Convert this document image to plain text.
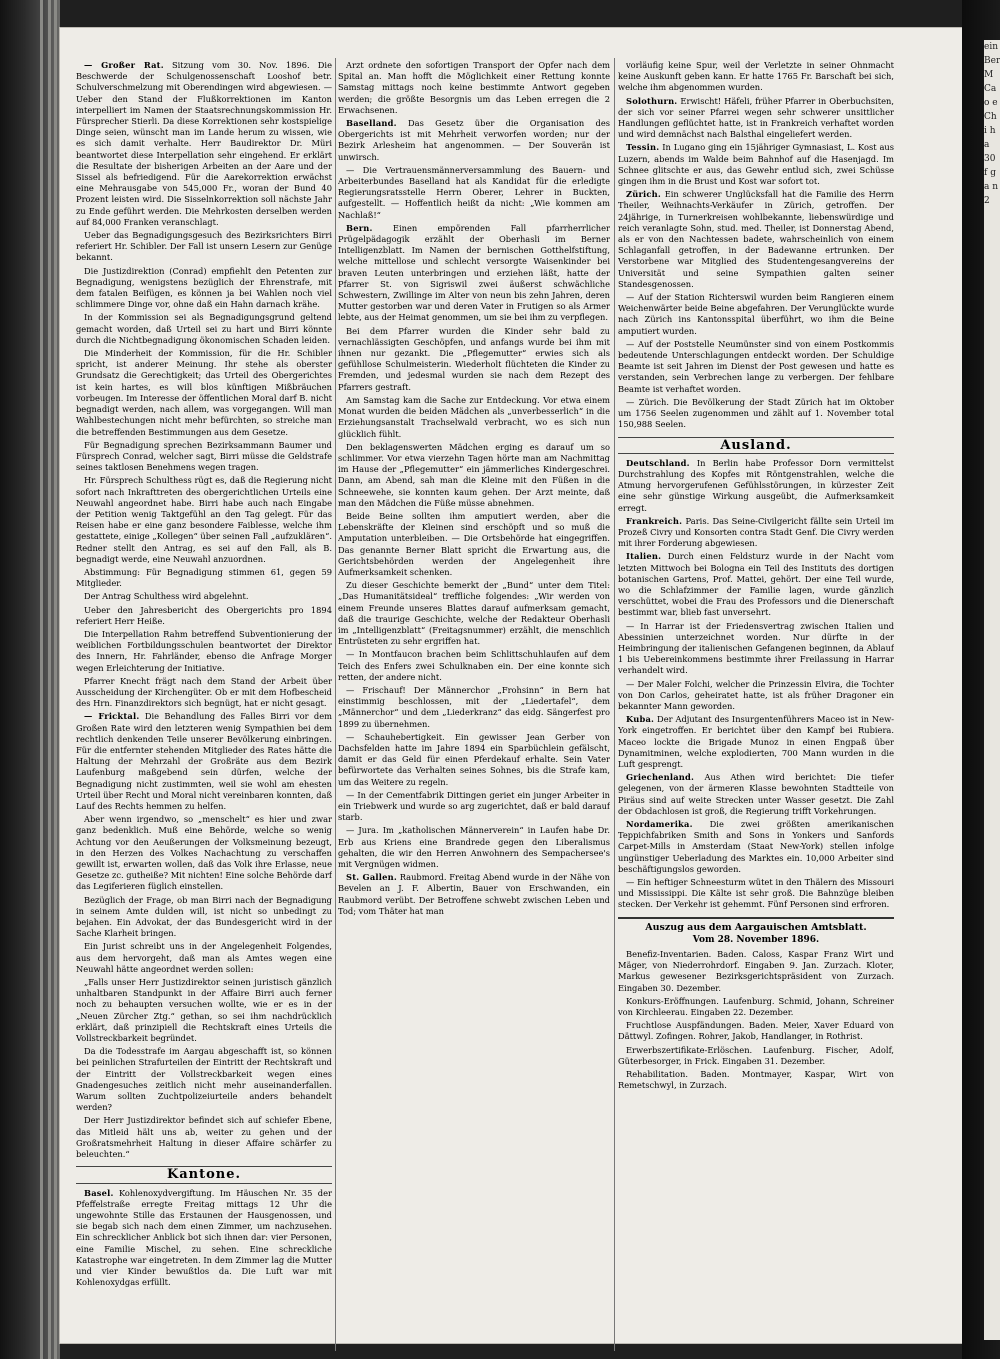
— Großer Rat. Sitzung vom 30. Nov. 1896. Die Beschwerde der Schulgenossenschaft Looshof betr. Schulverschmelzung mit Oberendingen wird abgewiesen. — Ueber den Stand der Flußkorrektionen im Kanton interpelliert im Namen der Staatsrechnungskommission Hr. Fürsprecher Stierli. Da diese Korrektionen sehr kostspielige Dinge seien, wünscht man im Lande herum zu wissen, wie es sich damit verhalte. Herr Baudirektor Dr. Müri beantwortet diese Interpellation sehr eingehend. Er erklärt die Resultate der bisherigen Arbeiten an der Aare und der Sissel als befriedigend. Für die Aarekorrektion erwächst eine Mehrausgabe von 545,000 Fr., woran der Bund 40 Prozent leisten wird. Die Sisselnkorrektion soll nächste Jahr zu Ende geführt werden. Die Mehrkosten derselben werden auf 84,000 Franken veranschlagt.

Ueber das Begnadigungsgesuch des Bezirksrichters Birri referiert Hr. Schibler. Der Fall ist unsern Lesern zur Genüge bekannt.

Die Justizdirektion (Conrad) empfiehlt den Petenten zur Begnadigung, wenigstens bezüglich der Ehrenstrafe, mit dem fatalen Beifügen, es können ja bei Wahlen noch viel schlimmere Dinge vor, ohne daß ein Hahn darnach krähe.

In der Kommission sei als Begnadigungsgrund geltend gemacht worden, daß Urteil sei zu hart und Birri könnte durch die Nichtbegnadigung ökonomischen Schaden leiden.

Die Minderheit der Kommission, für die Hr. Schibler spricht, ist anderer Meinung. Ihr stehe als oberster Grundsatz die Gerechtigkeit; das Urteil des Obergerichtes ist kein hartes, es will blos künftigen Mißbräuchen vorbeugen. Im Interesse der öffentlichen Moral darf B. nicht begnadigt werden, nach allem, was vorgegangen. Will man Wahlbestechungen nicht mehr befürchten, so streiche man die betreffenden Bestimmungen aus dem Gesetze.

Für Begnadigung sprechen Bezirksammann Baumer und Fürsprech Conrad, welcher sagt, Birri müsse die Geldstrafe seines taktlosen Benehmens wegen tragen.

Hr. Fürsprech Schulthess rügt es, daß die Regierung nicht sofort nach Inkrafttreten des obergerichtlichen Urteils eine Neuwahl angeordnet habe. Birri habe auch nach Eingabe der Petition wenig Taktgefühl an den Tag gelegt. Für das Reisen habe er eine ganz besondere Faiblesse, welche ihm gestattete, einige „Kollegen“ über seinen Fall „aufzuklären“. Redner stellt den Antrag, es sei auf den Fall, als B. begnadigt werde, eine Neuwahl anzuordnen.

Abstimmung: Für Begnadigung stimmen 61, gegen 59 Mitglieder.

Der Antrag Schulthess wird abgelehnt.

Ueber den Jahresbericht des Obergerichts pro 1894 referiert Herr Heiße.

Die Interpellation Rahm betreffend Subventionierung der weiblichen Fortbildungsschulen beantwortet der Direktor des Innern, Hr. Fahrländer, ebenso die Anfrage Morger wegen Erleichterung der Initiative.

Pfarrer Knecht frägt nach dem Stand der Arbeit über Ausscheidung der Kirchengüter. Ob er mit dem Hofbescheid des Hrn. Finanzdirektors sich begnügt, hat er nicht gesagt.

— Fricktal. Die Behandlung des Falles Birri vor dem Großen Rate wird den letzteren wenig Sympathien bei dem rechtlich denkenden Teile unserer Bevölkerung einbringen. Für die entfernter stehenden Mitglieder des Rates hätte die Haltung der Mehrzahl der Großräte aus dem Bezirk Laufenburg maßgebend sein dürfen, welche der Begnadigung nicht zustimmten, weil sie wohl am ehesten Urteil über Recht und Moral nicht vereinbaren konnten, daß Lauf des Rechts hemmen zu helfen.

Aber wenn irgendwo, so „menschelt“ es hier und zwar ganz bedenklich. Muß eine Behörde, welche so wenig Achtung vor den Aeußerungen der Volksmeinung bezeugt, in den Herzen des Volkes Nachachtung zu verschaffen gewillt ist, erwarten wollen, daß das Volk ihre Erlasse, neue Gesetze zc. gutheiße? Mit nichten! Eine solche Behörde darf das Legiferieren füglich einstellen.

Bezüglich der Frage, ob man Birri nach der Begnadigung in seinem Amte dulden will, ist nicht so unbedingt zu bejahen. Ein Advokat, der das Bundesgericht wird in der Sache Klarheit bringen.

Ein Jurist schreibt uns in der Angelegenheit Folgendes, aus dem hervorgeht, daß man als Amtes wegen eine Neuwahl hätte angeordnet werden sollen:

„Falls unser Herr Justizdirektor seinen juristisch gänzlich unhaltbaren Standpunkt in der Affaire Birri auch ferner noch zu behaupten versuchen wollte, wie er es in der „Neuen Zürcher Ztg.“ gethan, so sei ihm nachdrücklich erklärt, daß prinzipiell die Rechtskraft eines Urteils die Vollstreckbarkeit begründet.

Da die Todesstrafe im Aargau abgeschafft ist, so können bei peinlichen Strafurteilen der Eintritt der Rechtskraft und der Eintritt der Vollstreckbarkeit wegen eines Gnadengesuches zeitlich nicht mehr auseinanderfallen. Warum sollten Zuchtpolizeiurteile anders behandelt werden?

Der Herr Justizdirektor befindet sich auf schiefer Ebene, das Mitleid hält uns ab, weiter zu gehen und der Großratsmehrheit Haltung in dieser Affaire schärfer zu beleuchten.“

Kantone.

Basel. Kohlenoxydvergiftung. Im Häuschen Nr. 35 der Pfeffelstraße erregte Freitag mittags 12 Uhr die ungewohnte Stille das Erstaunen der Hausgenossen, und sie begab sich nach dem einen Zimmer, um nachzusehen. Ein schrecklicher Anblick bot sich ihnen dar: vier Personen, eine Familie Mischel, zu sehen. Eine schreckliche Katastrophe war eingetreten. In dem Zimmer lag die Mutter und vier Kinder bewußtlos da. Die Luft war mit Kohlenoxydgas erfüllt.

Arzt ordnete den sofortigen Transport der Opfer nach dem Spital an. Man hofft die Möglichkeit einer Rettung konnte Samstag mittags noch keine bestimmte Antwort gegeben werden; die größte Besorgnis um das Leben erregen die 2 Erwachsenen.

Baselland. Das Gesetz über die Organisation des Obergerichts ist mit Mehrheit verworfen worden; nur der Bezirk Arlesheim hat angenommen. — Der Souverän ist unwirsch.

— Die Vertrauensmännerversammlung des Bauern- und Arbeiterbundes Baselland hat als Kandidat für die erledigte Regierungsratsstelle Herrn Oberer, Lehrer in Buckten, aufgestellt. — Hoffentlich heißt da nicht: „Wie kommen am Nachlaß!“

Bern. Einen empörenden Fall pfarrherrlicher Prügelpädagogik erzählt der Oberhasli im Berner Intelligenzblatt. Im Namen der bernischen Gotthelfstiftung, welche mittellose und schlecht versorgte Waisenkinder bei braven Leuten unterbringen und erziehen läßt, hatte der Pfarrer St. von Sigriswil zwei äußerst schwächliche Schwestern, Zwillinge im Alter von neun bis zehn Jahren, deren Mutter gestorben war und deren Vater in Frutigen so als Armer lebte, aus der Heimat genommen, um sie bei ihm zu verpflegen.

Bei dem Pfarrer wurden die Kinder sehr bald zu vernachlässigten Geschöpfen, und anfangs wurde bei ihm mit ihnen nur gezankt. Die „Pflegemutter“ erwies sich als gefühllose Schulmeisterin. Wiederholt flüchteten die Kinder zu Fremden, und jedesmal wurden sie nach dem Rezept des Pfarrers gestraft.

Am Samstag kam die Sache zur Entdeckung. Vor etwa einem Monat wurden die beiden Mädchen als „unverbesserlich“ in die Erziehungsanstalt Trachselwald verbracht, wo es sich nun glücklich fühlt.

Den beklagenswerten Mädchen erging es darauf um so schlimmer. Vor etwa vierzehn Tagen hörte man am Nachmittag im Hause der „Pflegemutter“ ein jämmerliches Kindergeschrei. Dann, am Abend, sah man die Kleine mit den Füßen in die Schneewehe, sie konnten kaum gehen. Der Arzt meinte, daß man den Mädchen die Füße müsse abnehmen.

Beide Beine sollten ihm amputiert werden, aber die Lebenskräfte der Kleinen sind erschöpft und so muß die Amputation unterbleiben. — Die Ortsbehörde hat eingegriffen. Das genannte Berner Blatt spricht die Erwartung aus, die Gerichtsbehörden werden der Angelegenheit ihre Aufmerksamkeit schenken.

Zu dieser Geschichte bemerkt der „Bund“ unter dem Titel: „Das Humanitätsideal“ treffliche folgendes: „Wir werden von einem Freunde unseres Blattes darauf aufmerksam gemacht, daß die traurige Geschichte, welche der Redakteur Oberhasli im „Intelligenzblatt“ (Freitagsnummer) erzählt, die menschlich Entrüsteten zu sehr ergriffen hat.

— In Montfaucon brachen beim Schlittschuhlaufen auf dem Teich des Enfers zwei Schulknaben ein. Der eine konnte sich retten, der andere nicht.

— Frischauf! Der Männerchor „Frohsinn“ in Bern hat einstimmig beschlossen, mit der „Liedertafel“, dem „Männerchor“ und dem „Liederkranz“ das eidg. Sängerfest pro 1899 zu übernehmen.

— Schauhebertigkeit. Ein gewisser Jean Gerber von Dachsfelden hatte im Jahre 1894 ein Sparbüchlein gefälscht, damit er das Geld für einen Pferdekauf erhalte. Sein Vater befürwortete das Verhalten seines Sohnes, bis die Strafe kam, um das Weitere zu regeln.

— In der Cementfabrik Dittingen geriet ein junger Arbeiter in ein Triebwerk und wurde so arg zugerichtet, daß er bald darauf starb.

— Jura. Im „katholischen Männerverein“ in Laufen habe Dr. Erb aus Kriens eine Brandrede gegen den Liberalismus gehalten, die wir den Herren Anwohnern des Sempachersee's mit Vergnügen widmen.

St. Gallen. Raubmord. Freitag Abend wurde in der Nähe von Bevelen an J. F. Albertin, Bauer von Erschwanden, ein Raubmord verübt. Der Betroffene schwebt zwischen Leben und Tod; vom Thäter hat man

vorläufig keine Spur, weil der Verletzte in seiner Ohnmacht keine Auskunft geben kann. Er hatte 1765 Fr. Barschaft bei sich, welche ihm abgenommen wurden.

Solothurn. Erwischt! Häfeli, früher Pfarrer in Oberbuchsiten, der sich vor seiner Pfarrei wegen sehr schwerer unsittlicher Handlungen geflüchtet hatte, ist in Frankreich verhaftet worden und wird demnächst nach Balsthal eingeliefert werden.

Tessin. In Lugano ging ein 15jähriger Gymnasiast, L. Kost aus Luzern, abends im Walde beim Bahnhof auf die Hasenjagd. Im Schnee glitschte er aus, das Gewehr entlud sich, zwei Schüsse gingen ihm in die Brust und Kost war sofort tot.

Zürich. Ein schwerer Unglücksfall hat die Familie des Herrn Theiler, Weihnachts-Verkäufer in Zürich, getroffen. Der 24jährige, in Turnerkreisen wohlbekannte, liebenswürdige und reich veranlagte Sohn, stud. med. Theiler, ist Donnerstag Abend, als er von den Nachtessen badete, wahrscheinlich von einem Schlaganfall getroffen, in der Badewanne ertrunken. Der Verstorbene war Mitglied des Studentengesangvereins der Universität und seine Sympathien galten seiner Standesgenossen.

— Auf der Station Richterswil wurden beim Rangieren einem Weichenwärter beide Beine abgefahren. Der Verunglückte wurde nach Zürich ins Kantonsspital überführt, wo ihm die Beine amputiert wurden.

— Auf der Poststelle Neumünster sind von einem Postkommis bedeutende Unterschlagungen entdeckt worden. Der Schuldige Beamte ist seit Jahren im Dienst der Post gewesen und hatte es verstanden, sein Verbrechen lange zu verbergen. Der fehlbare Beamte ist verhaftet worden.

— Zürich. Die Bevölkerung der Stadt Zürich hat im Oktober um 1756 Seelen zugenommen und zählt auf 1. November total 150,988 Seelen.

Ausland.

Deutschland. In Berlin habe Professor Dorn vermittelst Durchstrahlung des Kopfes mit Röntgenstrahlen, welche die Atmung hervorgerufenen Gefühlsstörungen, in kürzester Zeit eine sehr günstige Wirkung ausgeübt, die Aufmerksamkeit erregt.

Frankreich. Paris. Das Seine-Civilgericht fällte sein Urteil im Prozeß Civry und Konsorten contra Stadt Genf. Die Civry werden mit ihrer Forderung abgewiesen.

Italien. Durch einen Feldsturz wurde in der Nacht vom letzten Mittwoch bei Bologna ein Teil des Instituts des dortigen botanischen Gartens, Prof. Mattei, gehört. Der eine Teil wurde, wo die Schlafzimmer der Familie lagen, wurde gänzlich verschüttet, wobei die Frau des Professors und die Dienerschaft bestimmt war, blieb fast unversehrt.

— In Harrar ist der Friedensvertrag zwischen Italien und Abessinien unterzeichnet worden. Nur dürfte in der Heimbringung der italienischen Gefangenen beginnen, da Ablauf 1 bis Uebereinkommens bestimmte ihrer Freilassung in Harrar verhandelt wird.

— Der Maler Folchi, welcher die Prinzessin Elvira, die Tochter von Don Carlos, geheiratet hatte, ist als früher Dragoner ein bekannter Mann geworden.

Kuba. Der Adjutant des Insurgentenführers Maceo ist in New-York eingetroffen. Er berichtet über den Kampf bei Rubiera. Maceo lockte die Brigade Munoz in einen Engpaß über Dynamitminen, welche explodierten, 700 Mann wurden in die Luft gesprengt.

Griechenland. Aus Athen wird berichtet: Die tiefer gelegenen, von der ärmeren Klasse bewohnten Stadtteile von Piräus sind auf weite Strecken unter Wasser gesetzt. Die Zahl der Obdachlosen ist groß, die Regierung trifft Vorkehrungen.

Nordamerika. Die zwei größten amerikanischen Teppichfabriken Smith and Sons in Yonkers und Sanfords Carpet-Mills in Amsterdam (Staat New-York) stellen infolge ungünstiger Ueberladung des Marktes ein. 10,000 Arbeiter sind beschäftigungslos geworden.

— Ein heftiger Schneesturm wütet in den Thälern des Missouri und Mississippi. Die Kälte ist sehr groß. Die Bahnzüge bleiben stecken. Der Verkehr ist gehemmt. Fünf Personen sind erfroren.

Auszug aus dem Aargauischen Amtsblatt.
Vom 28. November 1896.

Benefiz-Inventarien. Baden. Caloss, Kaspar Franz Wirt und Mäger, von Niederrohrdorf. Eingaben 9. Jan. Zurzach. Kloter, Markus gewesener Bezirksgerichtspräsident von Zurzach. Eingaben 30. Dezember.

Konkurs-Eröffnungen. Laufenburg. Schmid, Johann, Schreiner von Kirchleerau. Eingaben 22. Dezember.

Fruchtlose Auspfändungen. Baden. Meier, Xaver Eduard von Dättwyl. Zofingen. Rohrer, Jakob, Handlanger, in Rothrist.

Erwerbszertifikate-Erlöschen. Laufenburg. Fischer, Adolf, Güterbesorger, in Frick. Eingaben 31. Dezember.

Rehabilitation. Baden. Montmayer, Kaspar, Wirt von Remetschwyl, in Zurzach.

ein Ber M Ca o e Ch i h a 30 f g a n 2
